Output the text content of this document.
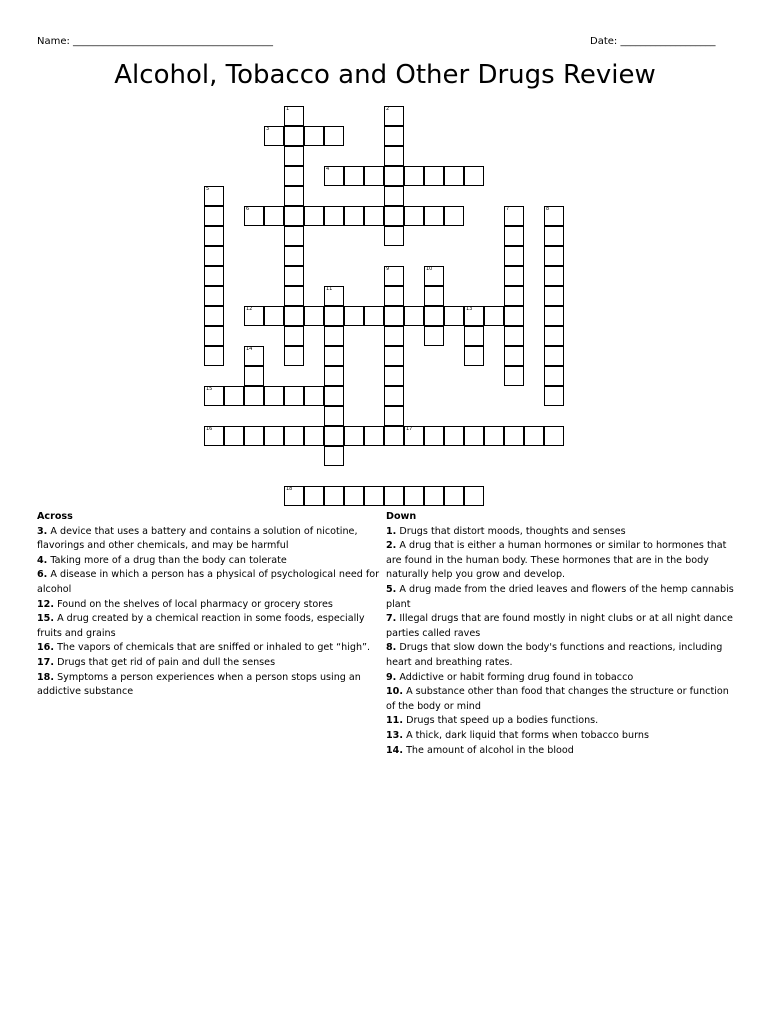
Name: ________________________________________	Date: ___________________
Alcohol, Tobacco and Other Drugs Review
1	2
3
4
5
6	7	8
9	10
11
12	13
14
15
16	17
18
Across
3. A device that uses a battery and contains a solution of nicotine, flavorings and other chemicals, and may be harmful
4. Taking more of a drug than the body can tolerate
6. A disease in which a person has a physical of psychological need for alcohol
12. Found on the shelves of local pharmacy or grocery stores
15. A drug created by a chemical reaction in some foods, especially fruits and grains
16. The vapors of chemicals that are sniffed or inhaled to get “high”.
17. Drugs that get rid of pain and dull the senses
18. Symptoms a person experiences when a person stops using an addictive substance
Down
1. Drugs that distort moods, thoughts and senses
2. A drug that is either a human hormones or similar to hormones that are found in the human body. These hormones that are in the body naturally help you grow and develop.
5. A drug made from the dried leaves and flowers of the hemp cannabis plant
7. Illegal drugs that are found mostly in night clubs or at all night dance parties called raves
8. Drugs that slow down the body's functions and reactions, including heart and breathing rates.
9. Addictive or habit forming drug found in tobacco
10. A substance other than food that changes the structure or function of the body or mind
11. Drugs that speed up a bodies functions.
13. A thick, dark liquid that forms when tobacco burns
14. The amount of alcohol in the blood
